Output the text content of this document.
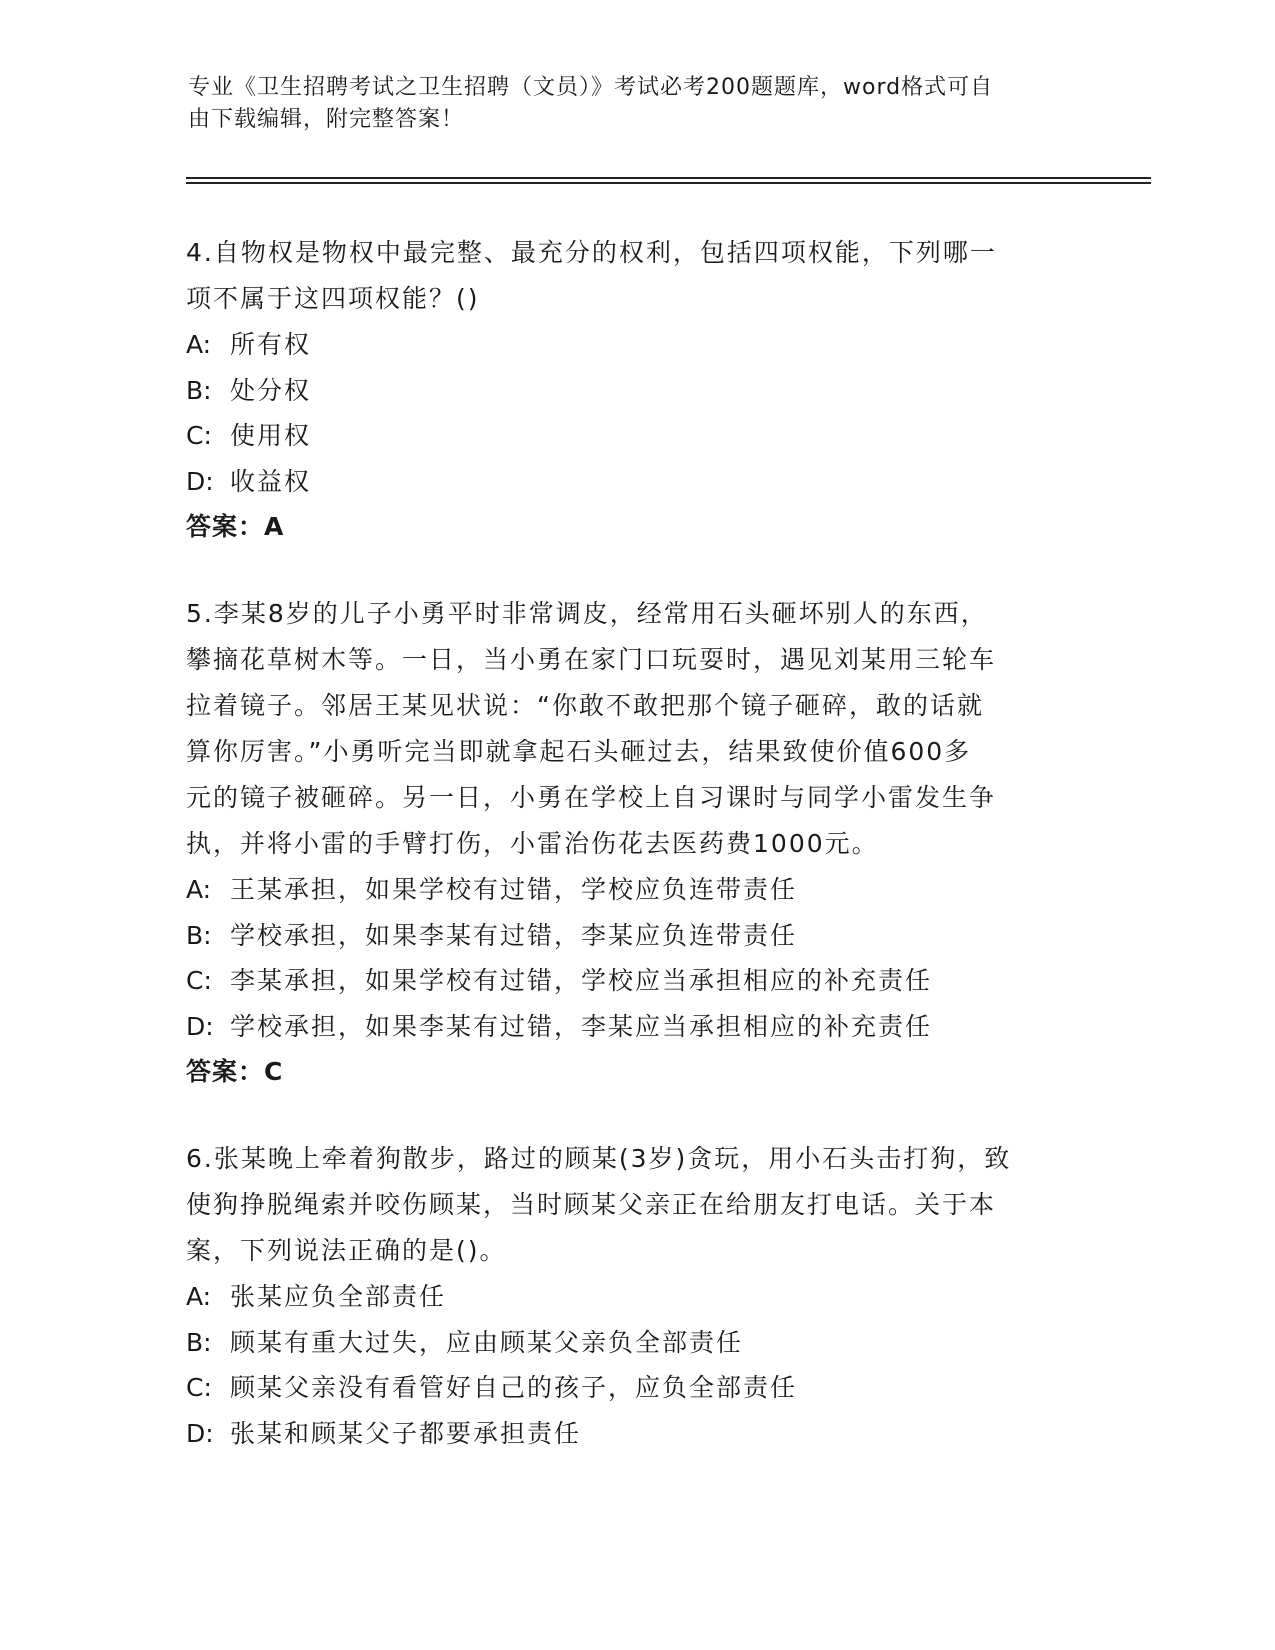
专业《卫生招聘考试之卫生招聘（文员）》考试必考200题题库，word格式可自
由下载编辑，附完整答案！

4.自物权是物权中最完整、最充分的权利，包括四项权能，下列哪一

项不属于这四项权能？()

A: 所有权

B: 处分权

C: 使用权

D: 收益权

答案：A

5.李某8岁的儿子小勇平时非常调皮，经常用石头砸坏别人的东西，

攀摘花草树木等。一日，当小勇在家门口玩耍时，遇见刘某用三轮车

拉着镜子。邻居王某见状说：“你敢不敢把那个镜子砸碎，敢的话就

算你厉害。”小勇听完当即就拿起石头砸过去，结果致使价值600多

元的镜子被砸碎。另一日，小勇在学校上自习课时与同学小雷发生争

执，并将小雷的手臂打伤，小雷治伤花去医药费1000元。

A: 王某承担，如果学校有过错，学校应负连带责任

B: 学校承担，如果李某有过错，李某应负连带责任

C: 李某承担，如果学校有过错，学校应当承担相应的补充责任

D: 学校承担，如果李某有过错，李某应当承担相应的补充责任

答案：C

6.张某晚上牵着狗散步，路过的顾某(3岁)贪玩，用小石头击打狗，致

使狗挣脱绳索并咬伤顾某，当时顾某父亲正在给朋友打电话。关于本

案，下列说法正确的是()。

A: 张某应负全部责任

B: 顾某有重大过失，应由顾某父亲负全部责任

C: 顾某父亲没有看管好自己的孩子，应负全部责任

D: 张某和顾某父子都要承担责任
